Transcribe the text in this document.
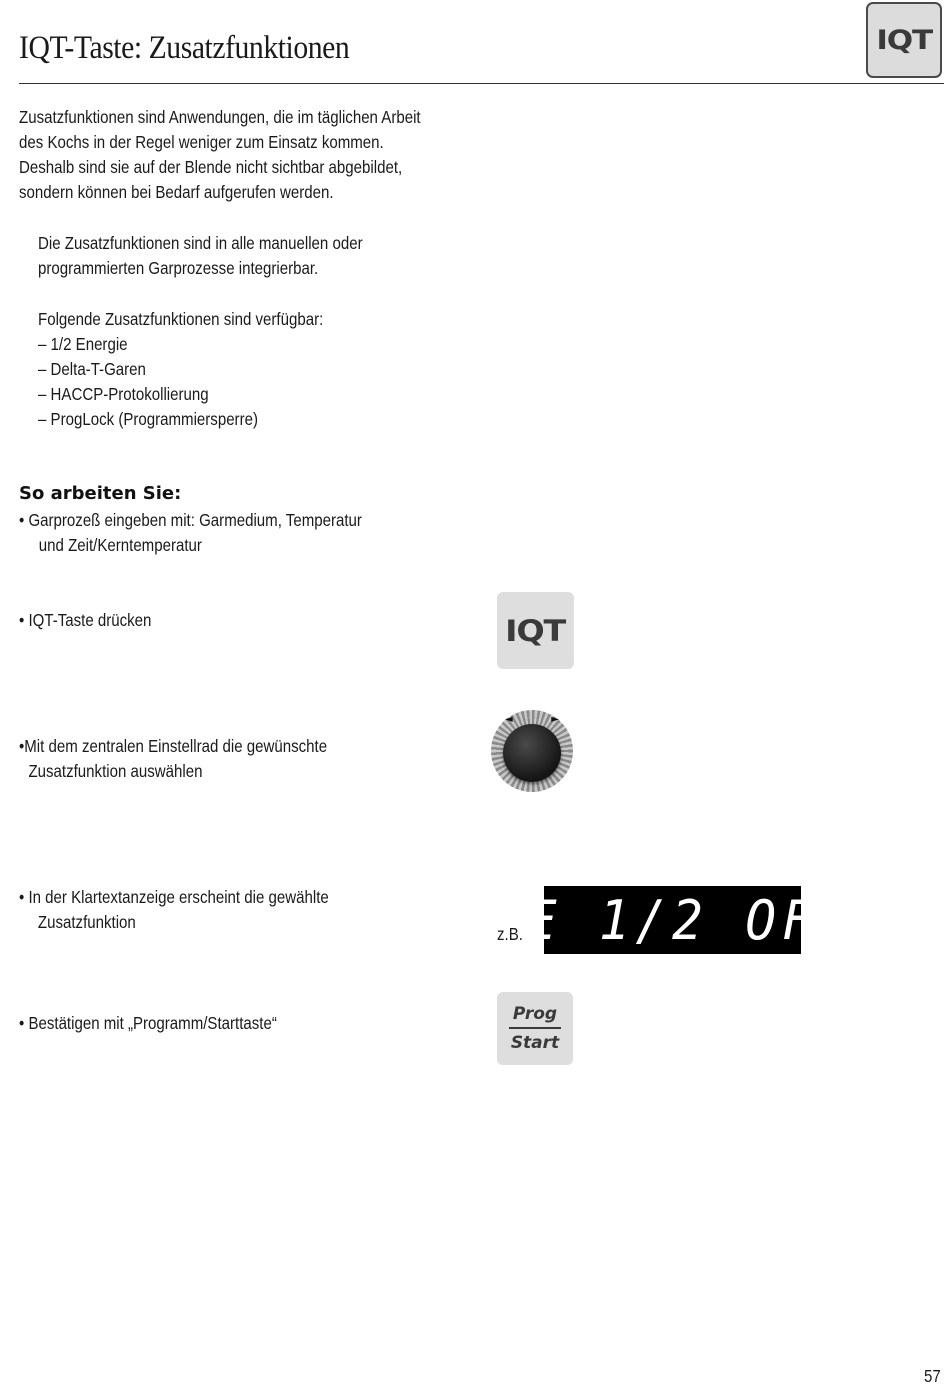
IQT-Taste: Zusatzfunktionen	IQT
Zusatzfunktionen sind Anwendungen, die im täglichen Arbeit
des Kochs in der Regel weniger zum Einsatz kommen.
Deshalb sind sie auf der Blende nicht sichtbar abgebildet,
sondern können bei Bedarf aufgerufen werden.
Die Zusatzfunktionen sind in alle manuellen oder
programmierten Garprozesse integrierbar.
Folgende Zusatzfunktionen sind verfügbar:
– 1/2 Energie
– Delta-T-Garen
– HACCP-Protokollierung
– ProgLock (Programmiersperre)
So arbeiten Sie:
• Garprozeß eingeben mit: Garmedium, Temperatur
und Zeit/Kerntemperatur
• IQT-Taste drücken	IQT
•Mit dem zentralen Einstellrad die gewünschte
Zusatzfunktion auswählen
◄	►
• In der Klartextanzeige erscheint die gewählte
Zusatzfunktion
z.B. E 1/2 OF
• Bestätigen mit „Programm/Starttaste“	Prog
Start
57
